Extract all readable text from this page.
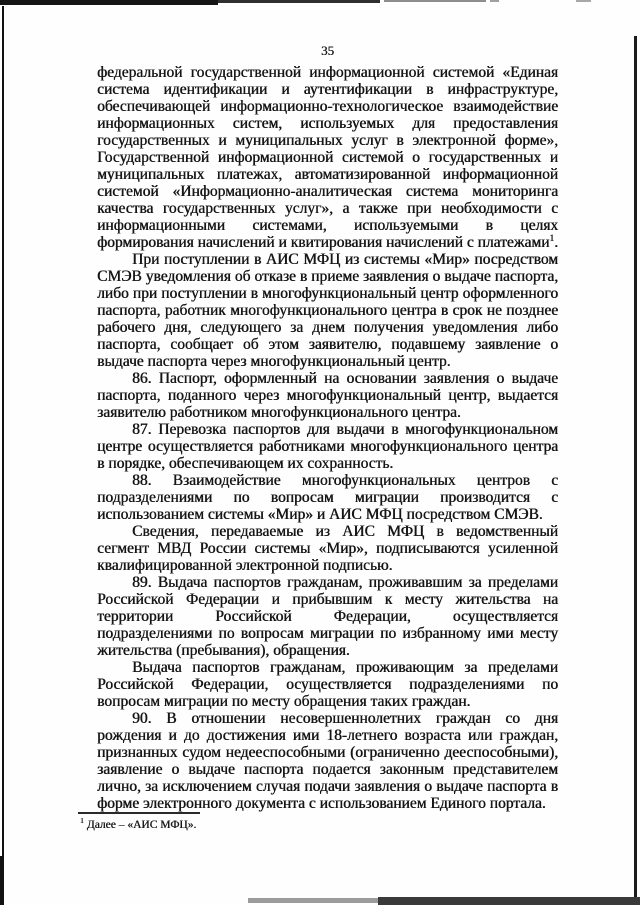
35

федеральной государственной информационной системой «Единая система идентификации и аутентификации в инфраструктуре, обеспечивающей информационно-технологическое взаимодействие информационных систем, используемых для предоставления государственных и муниципальных услуг в электронной форме», Государственной информационной системой о государственных и муниципальных платежах, автоматизированной информационной системой «Информационно-аналитическая система мониторинга качества государственных услуг», а также при необходимости с информационными системами, используемыми в целях формирования начислений и квитирования начислений с платежами$^1$.

При поступлении в АИС МФЦ из системы «Мир» посредством СМЭВ уведомления об отказе в приеме заявления о выдаче паспорта, либо при поступлении в многофункциональный центр оформленного паспорта, работник многофункционального центра в срок не позднее рабочего дня, следующего за днем получения уведомления либо паспорта, сообщает об этом заявителю, подавшему заявление о выдаче паспорта через многофункциональный центр.

86. Паспорт, оформленный на основании заявления о выдаче паспорта, поданного через многофункциональный центр, выдается заявителю работником многофункционального центра.

87. Перевозка паспортов для выдачи в многофункциональном центре осуществляется работниками многофункционального центра в порядке, обеспечивающем их сохранность.

88. Взаимодействие многофункциональных центров с подразделениями по вопросам миграции производится с использованием системы «Мир» и АИС МФЦ посредством СМЭВ.

Сведения, передаваемые из АИС МФЦ в ведомственный сегмент МВД России системы «Мир», подписываются усиленной квалифицированной электронной подписью.

89. Выдача паспортов гражданам, проживавшим за пределами Российской Федерации и прибывшим к месту жительства на территории Российской Федерации, осуществляется подразделениями по вопросам миграции по избранному ими месту жительства (пребывания), обращения.

Выдача паспортов гражданам, проживающим за пределами Российской Федерации, осуществляется подразделениями по вопросам миграции по месту обращения таких граждан.

90. В отношении несовершеннолетних граждан со дня рождения и до достижения ими 18-летнего возраста или граждан, признанных судом недееспособными (ограниченно дееспособными), заявление о выдаче паспорта подается законным представителем лично, за исключением случая подачи заявления о выдаче паспорта в форме электронного документа с использованием Единого портала.

$^1$ Далее – «АИС МФЦ».
